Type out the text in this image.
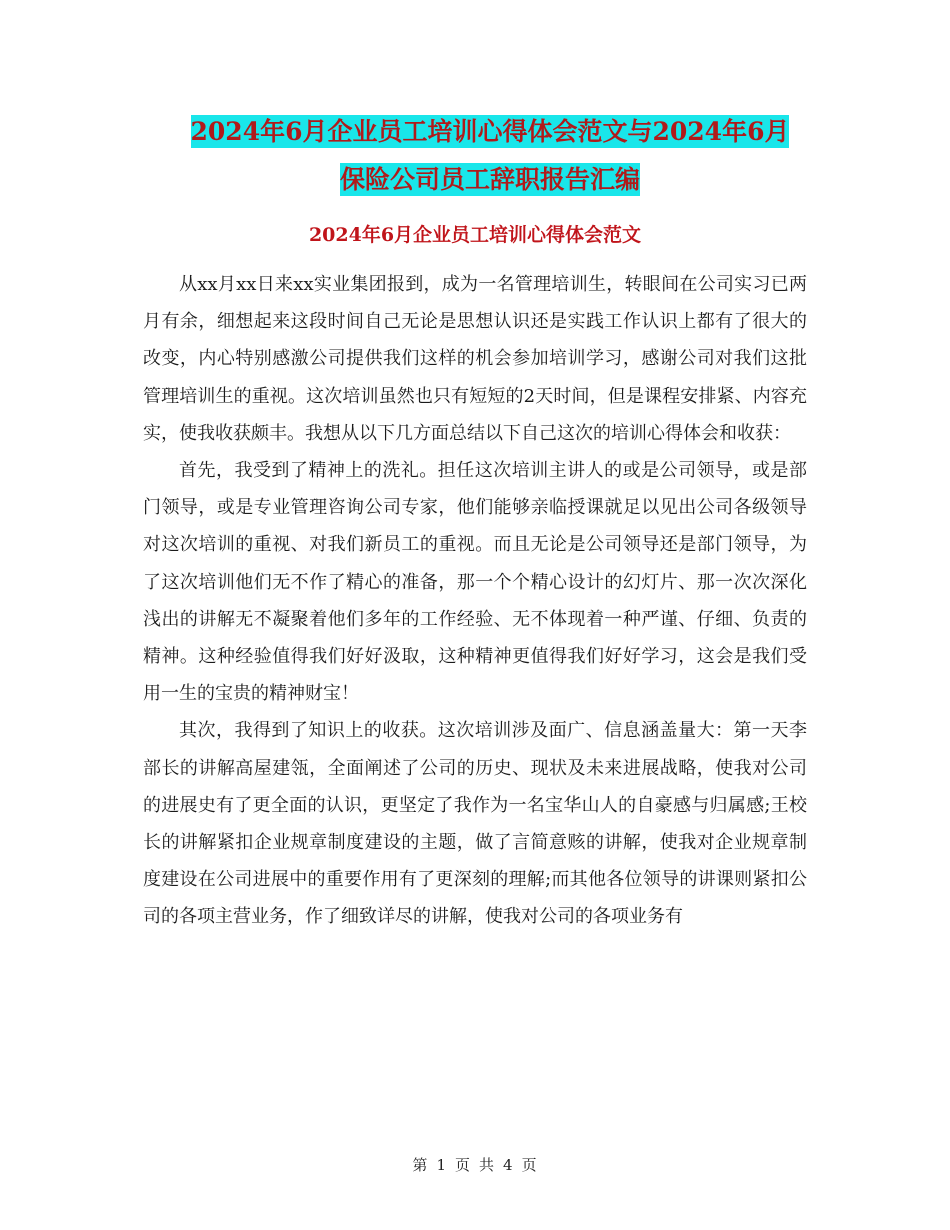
2024年6月企业员工培训心得体会范文与2024年6月
保险公司员工辞职报告汇编
2024年6月企业员工培训心得体会范文

从xx月xx日来xx实业集团报到，成为一名管理培训生，转眼间在公司实习已两月有余，细想起来这段时间自己无论是思想认识还是实践工作认识上都有了很大的改变，内心特别感激公司提供我们这样的机会参加培训学习，感谢公司对我们这批管理培训生的重视。这次培训虽然也只有短短的2天时间，但是课程安排紧、内容充实，使我收获颇丰。我想从以下几方面总结以下自己这次的培训心得体会和收获：

首先，我受到了精神上的洗礼。担任这次培训主讲人的或是公司领导，或是部门领导，或是专业管理咨询公司专家，他们能够亲临授课就足以见出公司各级领导对这次培训的重视、对我们新员工的重视。而且无论是公司领导还是部门领导，为了这次培训他们无不作了精心的准备，那一个个精心设计的幻灯片、那一次次深化浅出的讲解无不凝聚着他们多年的工作经验、无不体现着一种严谨、仔细、负责的精神。这种经验值得我们好好汲取，这种精神更值得我们好好学习，这会是我们受用一生的宝贵的精神财宝！

其次，我得到了知识上的收获。这次培训涉及面广、信息涵盖量大：第一天李部长的讲解高屋建瓴，全面阐述了公司的历史、现状及未来进展战略，使我对公司的进展史有了更全面的认识，更坚定了我作为一名宝华山人的自豪感与归属感;王校长的讲解紧扣企业规章制度建设的主题，做了言简意赅的讲解，使我对企业规章制度建设在公司进展中的重要作用有了更深刻的理解;而其他各位领导的讲课则紧扣公司的各项主营业务，作了细致详尽的讲解，使我对公司的各项业务有

第 1 页 共 4 页
